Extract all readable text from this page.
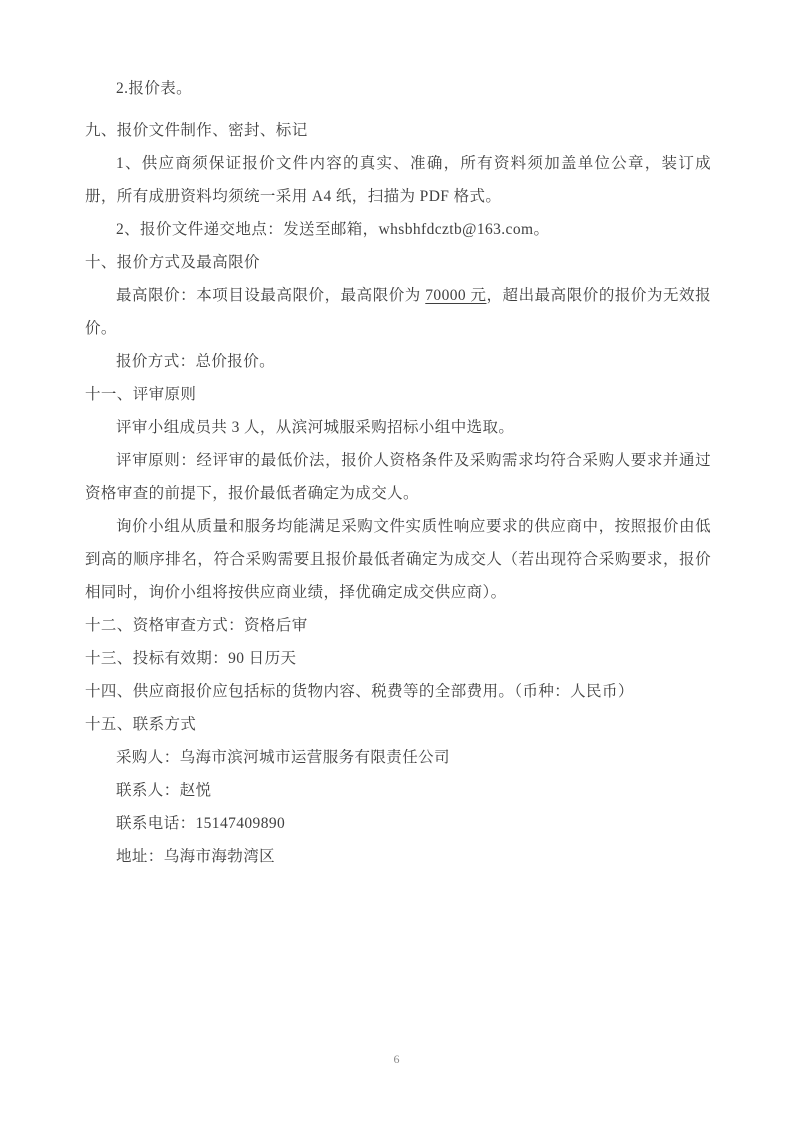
2.报价表。

九、报价文件制作、密封、标记

1、供应商须保证报价文件内容的真实、准确，所有资料须加盖单位公章，装订成册，所有成册资料均须统一采用 A4 纸，扫描为 PDF 格式。

2、报价文件递交地点：发送至邮箱，whsbhfdcztb@163.com。

十、报价方式及最高限价

最高限价：本项目设最高限价，最高限价为 70000 元，超出最高限价的报价为无效报价。

报价方式：总价报价。

十一、评审原则

评审小组成员共 3 人，从滨河城服采购招标小组中选取。

评审原则：经评审的最低价法，报价人资格条件及采购需求均符合采购人要求并通过资格审查的前提下，报价最低者确定为成交人。

询价小组从质量和服务均能满足采购文件实质性响应要求的供应商中，按照报价由低到高的顺序排名，符合采购需要且报价最低者确定为成交人（若出现符合采购要求，报价相同时，询价小组将按供应商业绩，择优确定成交供应商）。

十二、资格审查方式：资格后审
十三、投标有效期：90 日历天
十四、供应商报价应包括标的货物内容、税费等的全部费用。（币种：人民币）
十五、联系方式

采购人：乌海市滨河城市运营服务有限责任公司

联系人：赵悦

联系电话：15147409890

地址：乌海市海勃湾区

6
